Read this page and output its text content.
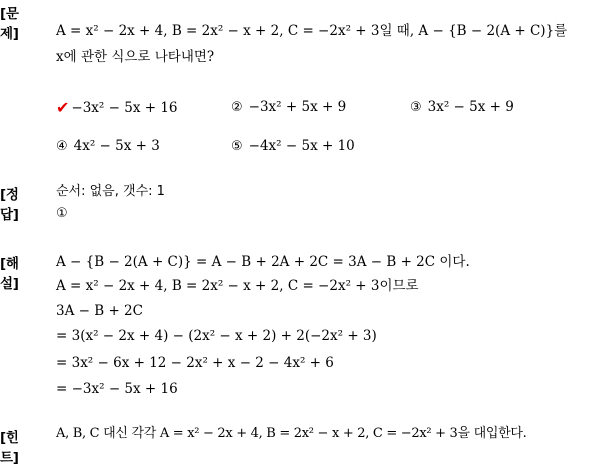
[문제]	A = x² − 2x + 4, B = 2x² − x + 2, C = −2x² + 3일 때, A − {B − 2(A + C)}를
x에 관한 식으로 나타내면?
✔ −3x² − 5x + 16	② −3x² + 5x + 9	③ 3x² − 5x + 9
④ 4x² − 5x + 3	⑤ −4x² − 5x + 10
[정답]
순서: 없음, 갯수: 1
①
[해설]
A − {B − 2(A + C)} = A − B + 2A + 2C = 3A − B + 2C 이다.
A = x² − 2x + 4, B = 2x² − x + 2, C = −2x² + 3이므로
3A − B + 2C
= 3(x² − 2x + 4) − (2x² − x + 2) + 2(−2x² + 3)
= 3x² − 6x + 12 − 2x² + x − 2 − 4x² + 6
= −3x² − 5x + 16
[힌트]
A, B, C 대신 각각 A = x² − 2x + 4, B = 2x² − x + 2, C = −2x² + 3을 대입한다.
